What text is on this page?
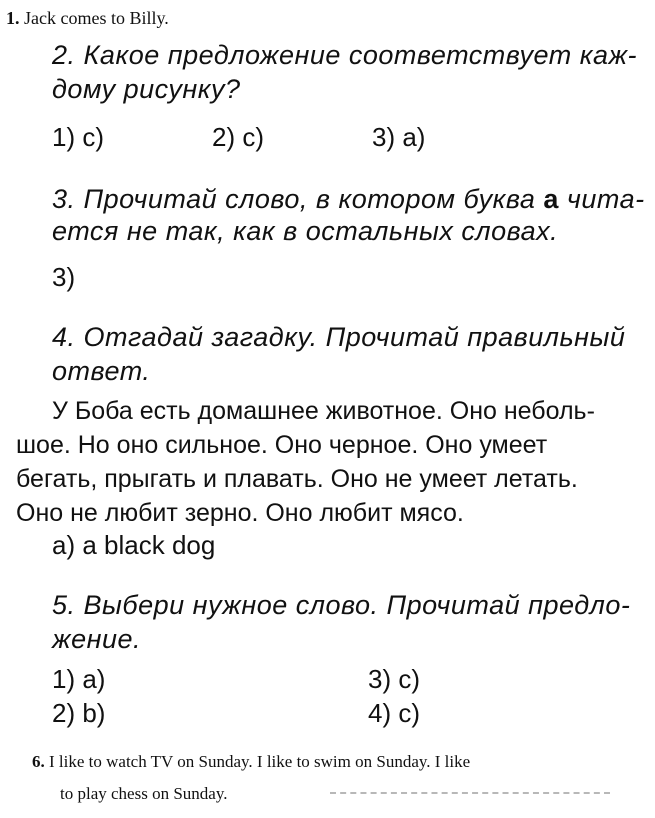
1. Jack comes to Billy.
2. Какое предложение соответствует каж-
дому рисунку?
1) c)	2) c)	3) a)
3. Прочитай слово, в котором буква a чита-
ется не так, как в остальных словах.
3)
4. Отгадай загадку. Прочитай правильный
ответ.
У Боба есть домашнее животное. Оно неболь-
шое. Но оно сильное. Оно черное. Оно умеет
бегать, прыгать и плавать. Оно не умеет летать.
Оно не любит зерно. Оно любит мясо.
a) a black dog
5. Выбери нужное слово. Прочитай предло-
жение.
1) a)	3) c)
2) b)	4) c)
6. I like to watch TV on Sunday. I like to swim on Sunday. I like
to play chess on Sunday.
